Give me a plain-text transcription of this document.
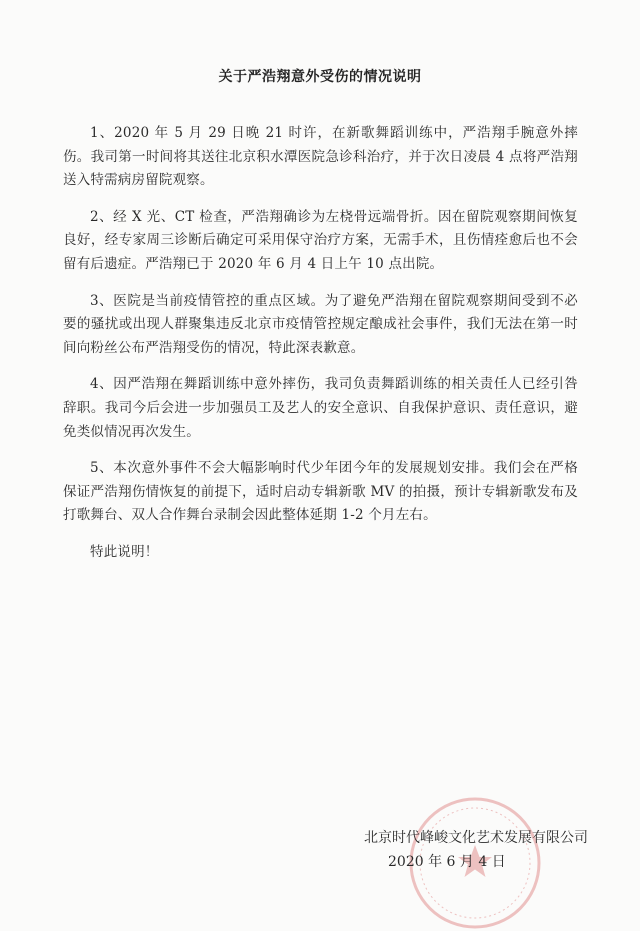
关于严浩翔意外受伤的情况说明

1、2020 年 5 月 29 日晚 21 时许，在新歌舞蹈训练中，严浩翔手腕意外摔伤。我司第一时间将其送往北京积水潭医院急诊科治疗，并于次日凌晨 4 点将严浩翔送入特需病房留院观察。

2、经 X 光、CT 检查，严浩翔确诊为左桡骨远端骨折。因在留院观察期间恢复良好，经专家周三诊断后确定可采用保守治疗方案，无需手术，且伤情痊愈后也不会留有后遗症。严浩翔已于 2020 年 6 月 4 日上午 10 点出院。

3、医院是当前疫情管控的重点区域。为了避免严浩翔在留院观察期间受到不必要的骚扰或出现人群聚集违反北京市疫情管控规定酿成社会事件，我们无法在第一时间向粉丝公布严浩翔受伤的情况，特此深表歉意。

4、因严浩翔在舞蹈训练中意外摔伤，我司负责舞蹈训练的相关责任人已经引咎辞职。我司今后会进一步加强员工及艺人的安全意识、自我保护意识、责任意识，避免类似情况再次发生。

5、本次意外事件不会大幅影响时代少年团今年的发展规划安排。我们会在严格保证严浩翔伤情恢复的前提下，适时启动专辑新歌 MV 的拍摄，预计专辑新歌发布及打歌舞台、双人合作舞台录制会因此整体延期 1-2 个月左右。

特此说明！

北京时代峰峻文化艺术发展有限公司
2020 年 6 月 4 日
